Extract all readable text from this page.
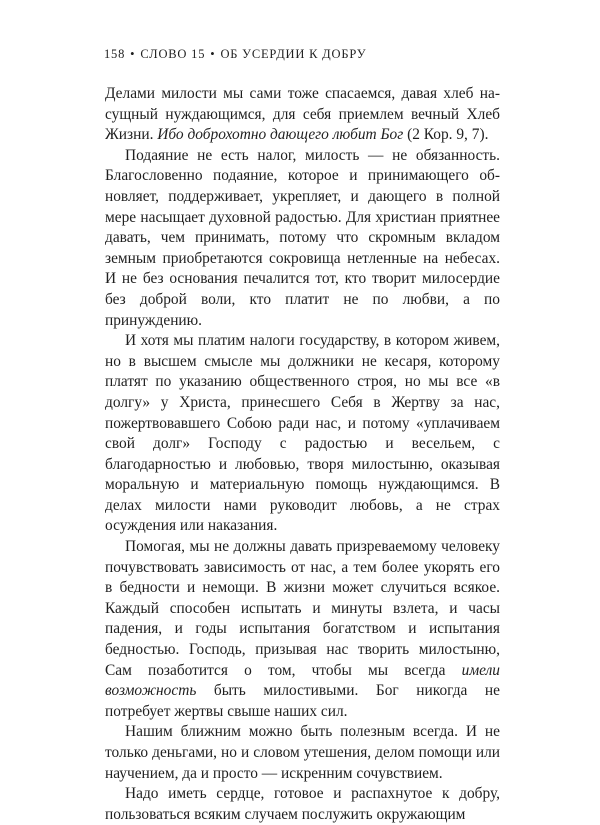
158 • СЛОВО 15 • ОБ УСЕРДИИ К ДОБРУ

Делами милости мы сами тоже спасаемся, давая хлеб насущный нуждающимся, для себя приемлем вечный Хлеб Жизни. Ибо доброхотно дающего любит Бог (2 Кор. 9, 7).

Подаяние не есть налог, милость — не обязанность. Благословенно подаяние, которое и принимающего обновляет, поддерживает, укрепляет, и дающего в полной мере насыщает духовной радостью. Для христиан приятнее давать, чем принимать, потому что скромным вкладом земным приобретаются сокровища нетленные на небесах. И не без основания печалится тот, кто творит милосердие без доброй воли, кто платит не по любви, а по принуждению.

И хотя мы платим налоги государству, в котором живем, но в высшем смысле мы должники не кесаря, которому платят по указанию общественного строя, но мы все «в долгу» у Христа, принесшего Себя в Жертву за нас, пожертвовавшего Собою ради нас, и потому «уплачиваем свой долг» Господу с радостью и весельем, с благодарностью и любовью, творя милостыню, оказывая моральную и материальную помощь нуждающимся. В делах милости нами руководит любовь, а не страх осуждения или наказания.

Помогая, мы не должны давать призреваемому человеку почувствовать зависимость от нас, а тем более укорять его в бедности и немощи. В жизни может случиться всякое. Каждый способен испытать и минуты взлета, и часы падения, и годы испытания богатством и испытания бедностью. Господь, призывая нас творить милостыню, Сам позаботится о том, чтобы мы всегда имели возможность быть милостивыми. Бог никогда не потребует жертвы свыше наших сил.

Нашим ближним можно быть полезным всегда. И не только деньгами, но и словом утешения, делом помощи или научением, да и просто — искренним сочувствием.

Надо иметь сердце, готовое и распахнутое к добру, пользоваться всяким случаем послужить окружающим
